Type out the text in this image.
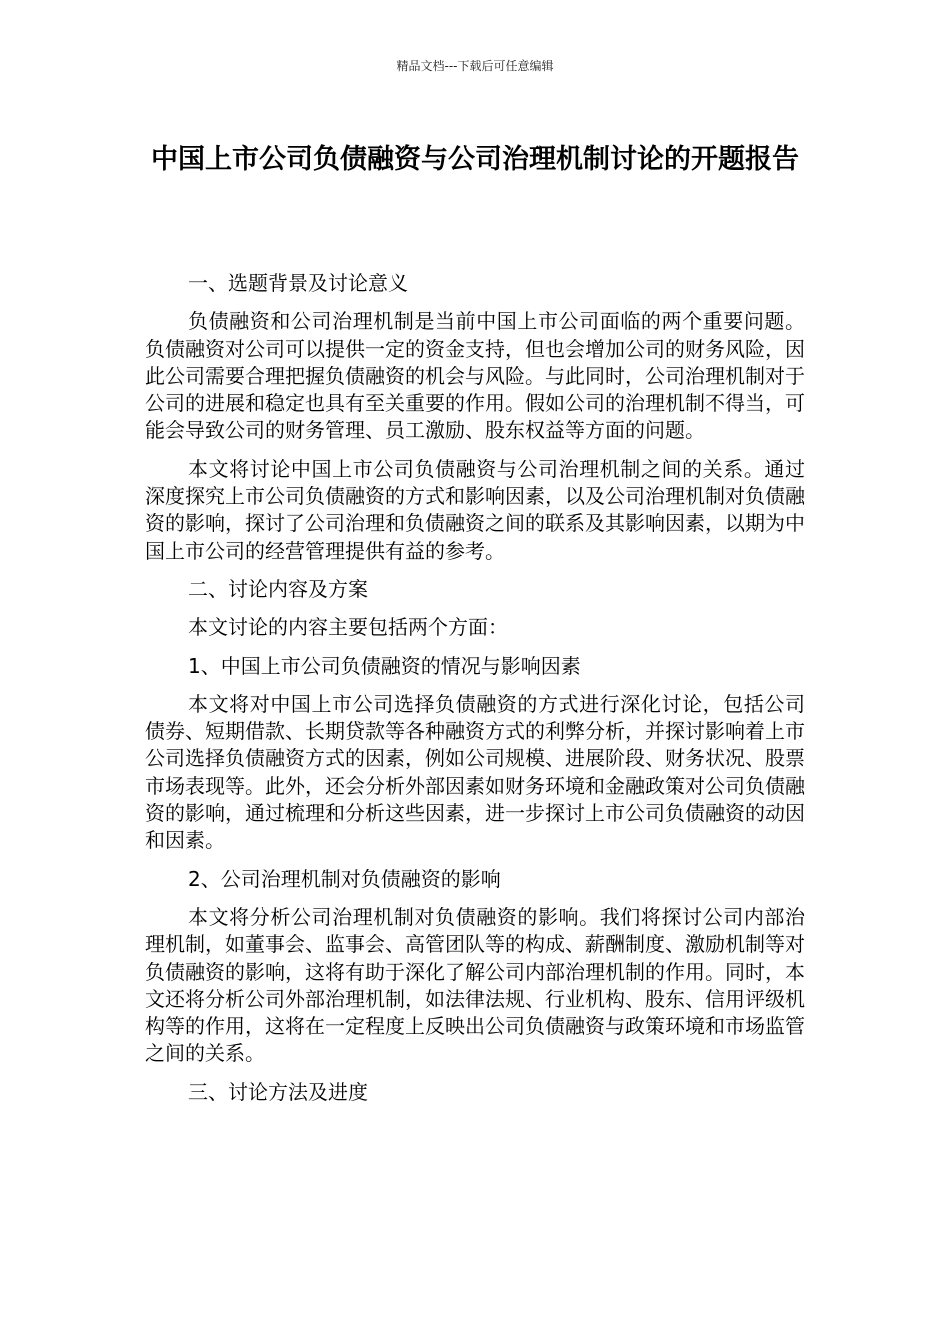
精品文档---下载后可任意编辑
中国上市公司负债融资与公司治理机制讨论的开题报告

一、选题背景及讨论意义

负债融资和公司治理机制是当前中国上市公司面临的两个重要问题。负债融资对公司可以提供一定的资金支持，但也会增加公司的财务风险，因此公司需要合理把握负债融资的机会与风险。与此同时，公司治理机制对于公司的进展和稳定也具有至关重要的作用。假如公司的治理机制不得当，可能会导致公司的财务管理、员工激励、股东权益等方面的问题。

本文将讨论中国上市公司负债融资与公司治理机制之间的关系。通过深度探究上市公司负债融资的方式和影响因素，以及公司治理机制对负债融资的影响，探讨了公司治理和负债融资之间的联系及其影响因素，以期为中国上市公司的经营管理提供有益的参考。

二、讨论内容及方案

本文讨论的内容主要包括两个方面：

1、中国上市公司负债融资的情况与影响因素

本文将对中国上市公司选择负债融资的方式进行深化讨论，包括公司债券、短期借款、长期贷款等各种融资方式的利弊分析，并探讨影响着上市公司选择负债融资方式的因素，例如公司规模、进展阶段、财务状况、股票市场表现等。此外，还会分析外部因素如财务环境和金融政策对公司负债融资的影响，通过梳理和分析这些因素，进一步探讨上市公司负债融资的动因和因素。

2、公司治理机制对负债融资的影响

本文将分析公司治理机制对负债融资的影响。我们将探讨公司内部治理机制，如董事会、监事会、高管团队等的构成、薪酬制度、激励机制等对负债融资的影响，这将有助于深化了解公司内部治理机制的作用。同时，本文还将分析公司外部治理机制，如法律法规、行业机构、股东、信用评级机构等的作用，这将在一定程度上反映出公司负债融资与政策环境和市场监管之间的关系。

三、讨论方法及进度
